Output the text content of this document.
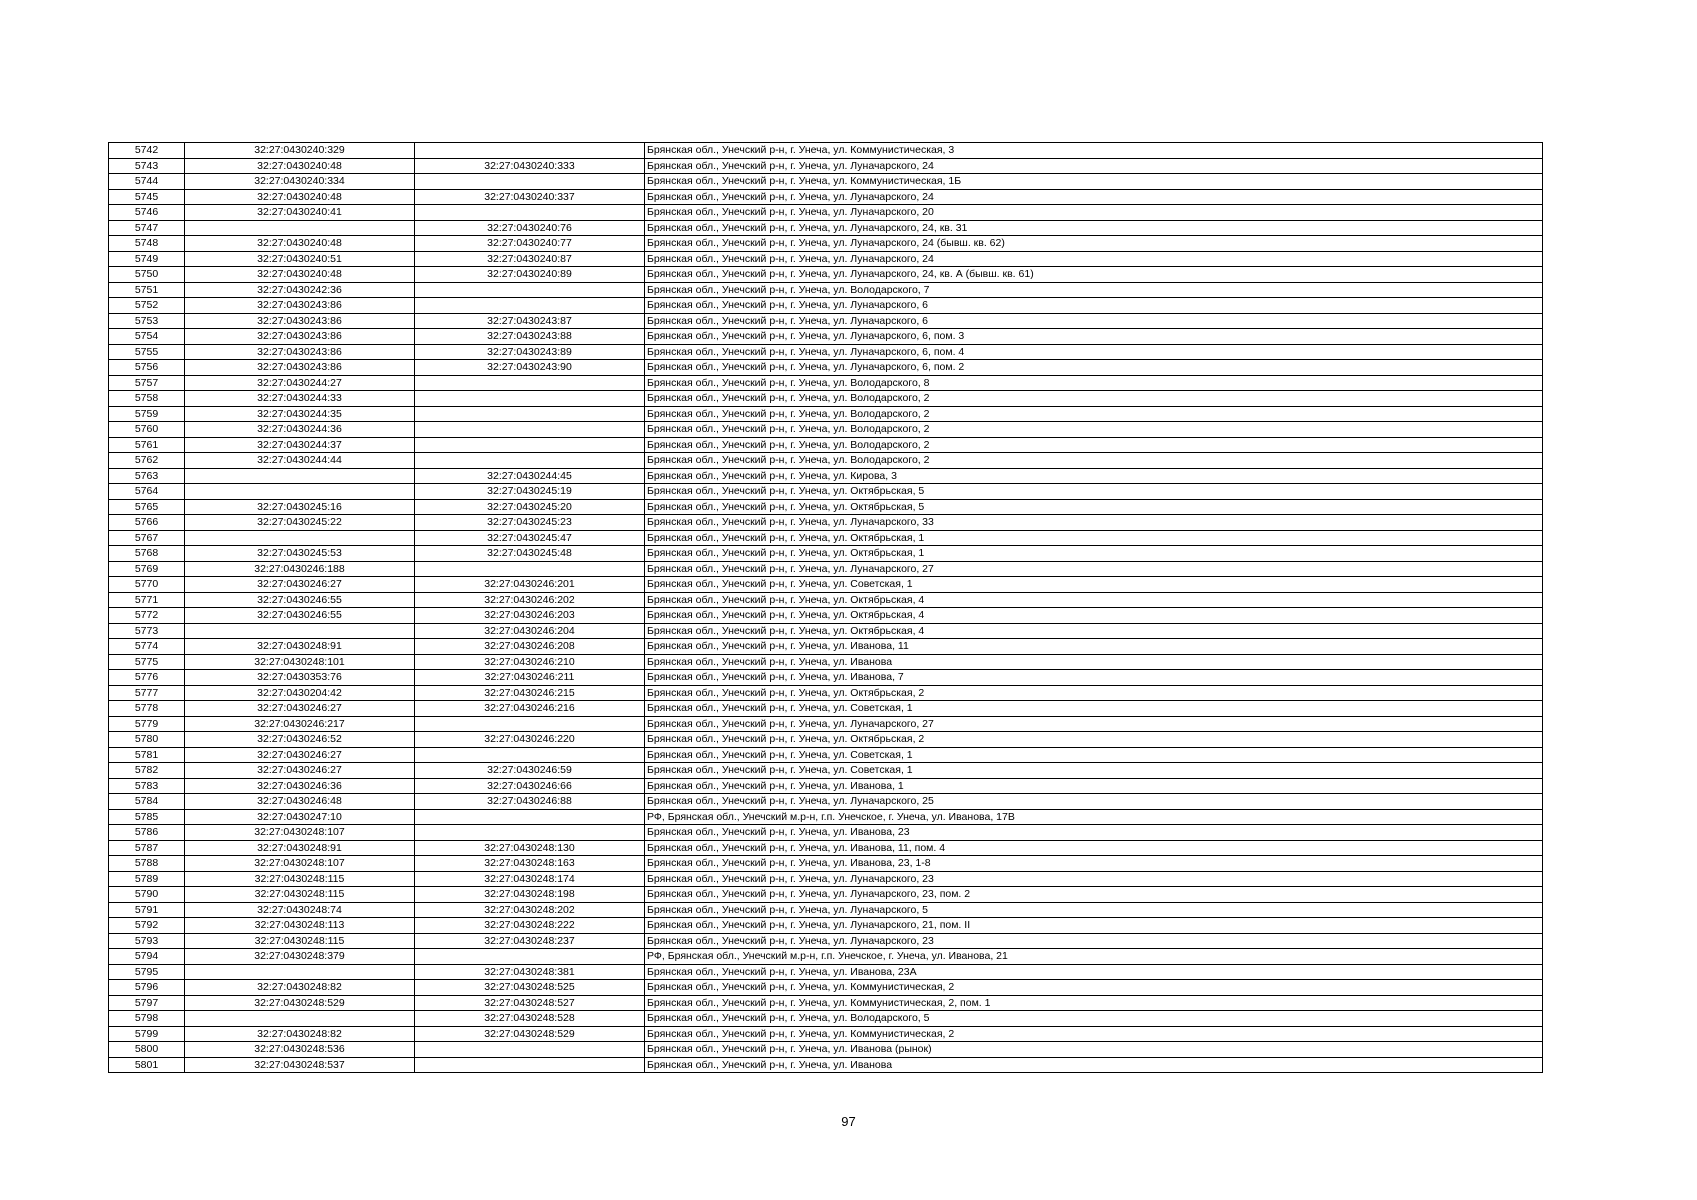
5742	32:27:0430240:329		Брянская обл., Унечский р-н, г. Унеча, ул. Коммунистическая, 3
5743	32:27:0430240:48	32:27:0430240:333	Брянская обл., Унечский р-н, г. Унеча, ул. Луначарского, 24
5744	32:27:0430240:334		Брянская обл., Унечский р-н, г. Унеча, ул. Коммунистическая, 1Б
5745	32:27:0430240:48	32:27:0430240:337	Брянская обл., Унечский р-н, г. Унеча, ул. Луначарского, 24
5746	32:27:0430240:41		Брянская обл., Унечский р-н, г. Унеча, ул. Луначарского, 20
5747		32:27:0430240:76	Брянская обл., Унечский р-н, г. Унеча, ул. Луначарского, 24, кв. 31
5748	32:27:0430240:48	32:27:0430240:77	Брянская обл., Унечский р-н, г. Унеча, ул. Луначарского, 24 (бывш. кв. 62)
5749	32:27:0430240:51	32:27:0430240:87	Брянская обл., Унечский р-н, г. Унеча, ул. Луначарского, 24
5750	32:27:0430240:48	32:27:0430240:89	Брянская обл., Унечский р-н, г. Унеча, ул. Луначарского, 24, кв. А (бывш. кв. 61)
5751	32:27:0430242:36		Брянская обл., Унечский р-н, г. Унеча, ул. Володарского, 7
5752	32:27:0430243:86		Брянская обл., Унечский р-н, г. Унеча, ул. Луначарского, 6
5753	32:27:0430243:86	32:27:0430243:87	Брянская обл., Унечский р-н, г. Унеча, ул. Луначарского, 6
5754	32:27:0430243:86	32:27:0430243:88	Брянская обл., Унечский р-н, г. Унеча, ул. Луначарского, 6, пом. 3
5755	32:27:0430243:86	32:27:0430243:89	Брянская обл., Унечский р-н, г. Унеча, ул. Луначарского, 6, пом. 4
5756	32:27:0430243:86	32:27:0430243:90	Брянская обл., Унечский р-н, г. Унеча, ул. Луначарского, 6, пом. 2
5757	32:27:0430244:27		Брянская обл., Унечский р-н, г. Унеча, ул. Володарского, 8
5758	32:27:0430244:33		Брянская обл., Унечский р-н, г. Унеча, ул. Володарского, 2
5759	32:27:0430244:35		Брянская обл., Унечский р-н, г. Унеча, ул. Володарского, 2
5760	32:27:0430244:36		Брянская обл., Унечский р-н, г. Унеча, ул. Володарского, 2
5761	32:27:0430244:37		Брянская обл., Унечский р-н, г. Унеча, ул. Володарского, 2
5762	32:27:0430244:44		Брянская обл., Унечский р-н, г. Унеча, ул. Володарского, 2
5763		32:27:0430244:45	Брянская обл., Унечский р-н, г. Унеча, ул. Кирова, 3
5764		32:27:0430245:19	Брянская обл., Унечский р-н, г. Унеча, ул. Октябрьская, 5
5765	32:27:0430245:16	32:27:0430245:20	Брянская обл., Унечский р-н, г. Унеча, ул. Октябрьская, 5
5766	32:27:0430245:22	32:27:0430245:23	Брянская обл., Унечский р-н, г. Унеча, ул. Луначарского, 33
5767		32:27:0430245:47	Брянская обл., Унечский р-н, г. Унеча, ул. Октябрьская, 1
5768	32:27:0430245:53	32:27:0430245:48	Брянская обл., Унечский р-н, г. Унеча, ул. Октябрьская, 1
5769	32:27:0430246:188		Брянская обл., Унечский р-н, г. Унеча, ул. Луначарского, 27
5770	32:27:0430246:27	32:27:0430246:201	Брянская обл., Унечский р-н, г. Унеча, ул. Советская, 1
5771	32:27:0430246:55	32:27:0430246:202	Брянская обл., Унечский р-н, г. Унеча, ул. Октябрьская, 4
5772	32:27:0430246:55	32:27:0430246:203	Брянская обл., Унечский р-н, г. Унеча, ул. Октябрьская, 4
5773		32:27:0430246:204	Брянская обл., Унечский р-н, г. Унеча, ул. Октябрьская, 4
5774	32:27:0430248:91	32:27:0430246:208	Брянская обл., Унечский р-н, г. Унеча, ул. Иванова, 11
5775	32:27:0430248:101	32:27:0430246:210	Брянская обл., Унечский р-н, г. Унеча, ул. Иванова
5776	32:27:0430353:76	32:27:0430246:211	Брянская обл., Унечский р-н, г. Унеча, ул. Иванова, 7
5777	32:27:0430204:42	32:27:0430246:215	Брянская обл., Унечский р-н, г. Унеча, ул. Октябрьская, 2
5778	32:27:0430246:27	32:27:0430246:216	Брянская обл., Унечский р-н, г. Унеча, ул. Советская, 1
5779	32:27:0430246:217		Брянская обл., Унечский р-н, г. Унеча, ул. Луначарского, 27
5780	32:27:0430246:52	32:27:0430246:220	Брянская обл., Унечский р-н, г. Унеча, ул. Октябрьская, 2
5781	32:27:0430246:27		Брянская обл., Унечский р-н, г. Унеча, ул. Советская, 1
5782	32:27:0430246:27	32:27:0430246:59	Брянская обл., Унечский р-н, г. Унеча, ул. Советская, 1
5783	32:27:0430246:36	32:27:0430246:66	Брянская обл., Унечский р-н, г. Унеча, ул. Иванова, 1
5784	32:27:0430246:48	32:27:0430246:88	Брянская обл., Унечский р-н, г. Унеча, ул. Луначарского, 25
5785	32:27:0430247:10		РФ, Брянская обл., Унечский м.р-н, г.п. Унечское, г. Унеча, ул. Иванова, 17В
5786	32:27:0430248:107		Брянская обл., Унечский р-н, г. Унеча, ул. Иванова, 23
5787	32:27:0430248:91	32:27:0430248:130	Брянская обл., Унечский р-н, г. Унеча, ул. Иванова, 11, пом. 4
5788	32:27:0430248:107	32:27:0430248:163	Брянская обл., Унечский р-н, г. Унеча, ул. Иванова, 23, 1-8
5789	32:27:0430248:115	32:27:0430248:174	Брянская обл., Унечский р-н, г. Унеча, ул. Луначарского, 23
5790	32:27:0430248:115	32:27:0430248:198	Брянская обл., Унечский р-н, г. Унеча, ул. Луначарского, 23, пом. 2
5791	32:27:0430248:74	32:27:0430248:202	Брянская обл., Унечский р-н, г. Унеча, ул. Луначарского, 5
5792	32:27:0430248:113	32:27:0430248:222	Брянская обл., Унечский р-н, г. Унеча, ул. Луначарского, 21, пом. II
5793	32:27:0430248:115	32:27:0430248:237	Брянская обл., Унечский р-н, г. Унеча, ул. Луначарского, 23
5794	32:27:0430248:379		РФ, Брянская обл., Унечский м.р-н, г.п. Унечское, г. Унеча, ул. Иванова, 21
5795		32:27:0430248:381	Брянская обл., Унечский р-н, г. Унеча, ул. Иванова, 23А
5796	32:27:0430248:82	32:27:0430248:525	Брянская обл., Унечский р-н, г. Унеча, ул. Коммунистическая, 2
5797	32:27:0430248:529	32:27:0430248:527	Брянская обл., Унечский р-н, г. Унеча, ул. Коммунистическая, 2, пом. 1
5798		32:27:0430248:528	Брянская обл., Унечский р-н, г. Унеча, ул. Володарского, 5
5799	32:27:0430248:82	32:27:0430248:529	Брянская обл., Унечский р-н, г. Унеча, ул. Коммунистическая, 2
5800	32:27:0430248:536		Брянская обл., Унечский р-н, г. Унеча, ул. Иванова (рынок)
5801	32:27:0430248:537		Брянская обл., Унечский р-н, г. Унеча, ул. Иванова
97
